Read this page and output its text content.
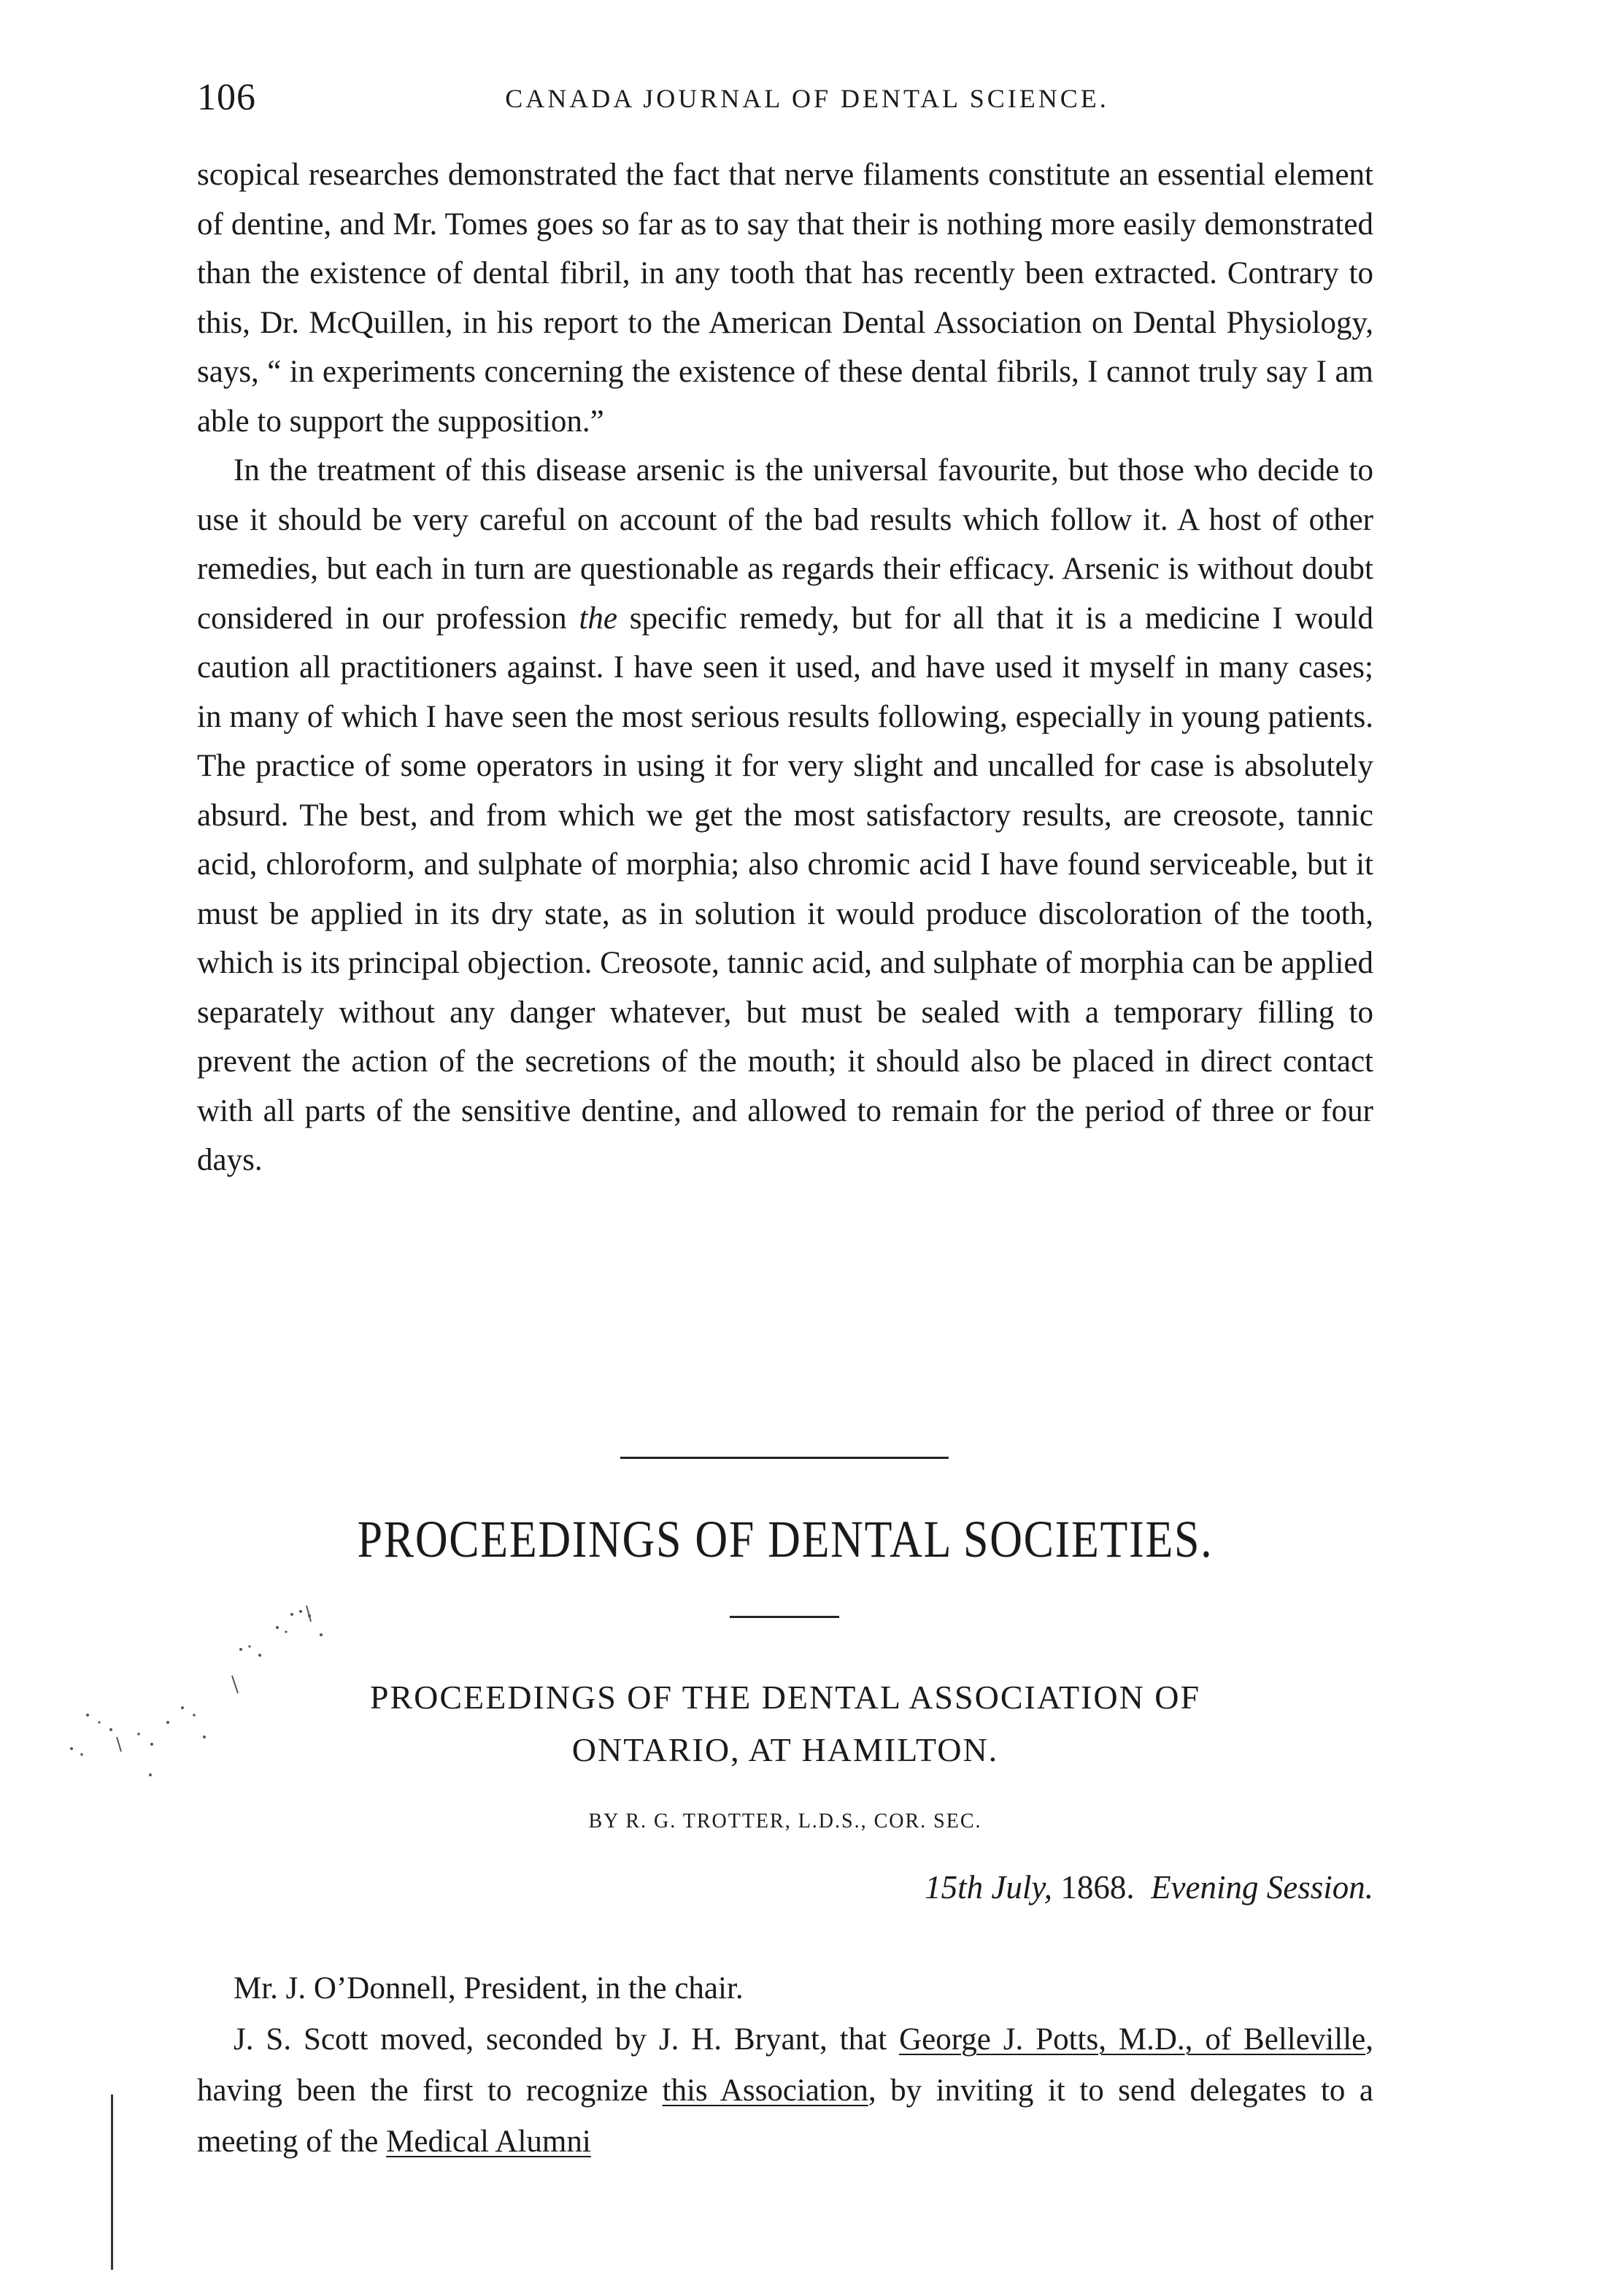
106	CANADA JOURNAL OF DENTAL SCIENCE.

scopical researches demonstrated the fact that nerve filaments constitute an essential element of dentine, and Mr. Tomes goes so far as to say that their is nothing more easily demonstrated than the existence of dental fibril, in any tooth that has recently been extracted. Contrary to this, Dr. McQuillen, in his report to the American Dental Association on Dental Physiology, says, “ in experiments concerning the existence of these dental fibrils, I cannot truly say I am able to support the supposition.”

In the treatment of this disease arsenic is the universal favourite, but those who decide to use it should be very careful on account of the bad results which follow it. A host of other remedies, but each in turn are questionable as regards their efficacy. Arsenic is without doubt considered in our profession the specific remedy, but for all that it is a medicine I would caution all practitioners against. I have seen it used, and have used it myself in many cases; in many of which I have seen the most serious results following, especially in young patients. The practice of some operators in using it for very slight and uncalled for case is absolutely absurd. The best, and from which we get the most satisfactory results, are creosote, tannic acid, chloroform, and sulphate of morphia; also chromic acid I have found serviceable, but it must be applied in its dry state, as in solution it would produce discoloration of the tooth, which is its principal objection. Creosote, tannic acid, and sulphate of morphia can be applied separately without any danger whatever, but must be sealed with a temporary filling to prevent the action of the secretions of the mouth; it should also be placed in direct contact with all parts of the sensitive dentine, and allowed to remain for the period of three or four days.

PROCEEDINGS OF DENTAL SOCIETIES.
PROCEEDINGS OF THE DENTAL ASSOCIATION OF
ONTARIO, AT HAMILTON.
BY R. G. TROTTER, L.D.S., COR. SEC.
15th July, 1868. Evening Session.

Mr. J. O’Donnell, President, in the chair.

J. S. Scott moved, seconded by J. H. Bryant, that George J. Potts, M.D., of Belleville, having been the first to recognize this Association, by inviting it to send delegates to a meeting of the Medical Alumni
